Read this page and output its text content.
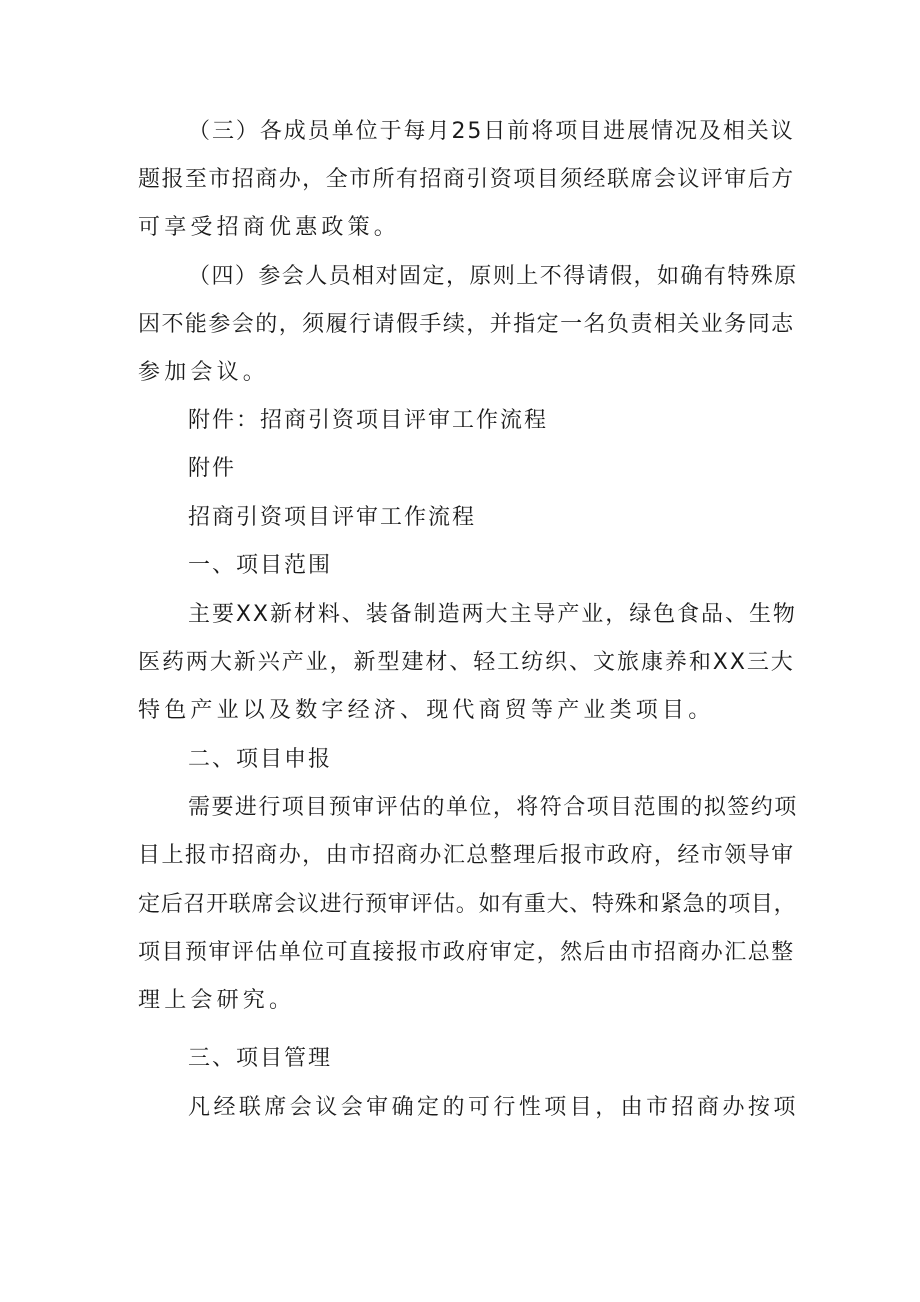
（三）各成员单位于每月25日前将项目进展情况及相关议
题报至市招商办，全市所有招商引资项目须经联席会议评审后方
可享受招商优惠政策。
（四）参会人员相对固定，原则上不得请假，如确有特殊原
因不能参会的，须履行请假手续，并指定一名负责相关业务同志
参加会议。
附件：招商引资项目评审工作流程
附件
招商引资项目评审工作流程
一、项目范围
主要XX新材料、装备制造两大主导产业，绿色食品、生物
医药两大新兴产业，新型建材、轻工纺织、文旅康养和XX三大
特色产业以及数字经济、现代商贸等产业类项目。
二、项目申报
需要进行项目预审评估的单位，将符合项目范围的拟签约项
目上报市招商办，由市招商办汇总整理后报市政府，经市领导审
定后召开联席会议进行预审评估。如有重大、特殊和紧急的项目，
项目预审评估单位可直接报市政府审定，然后由市招商办汇总整
理上会研究。
三、项目管理
凡经联席会议会审确定的可行性项目，由市招商办按项
